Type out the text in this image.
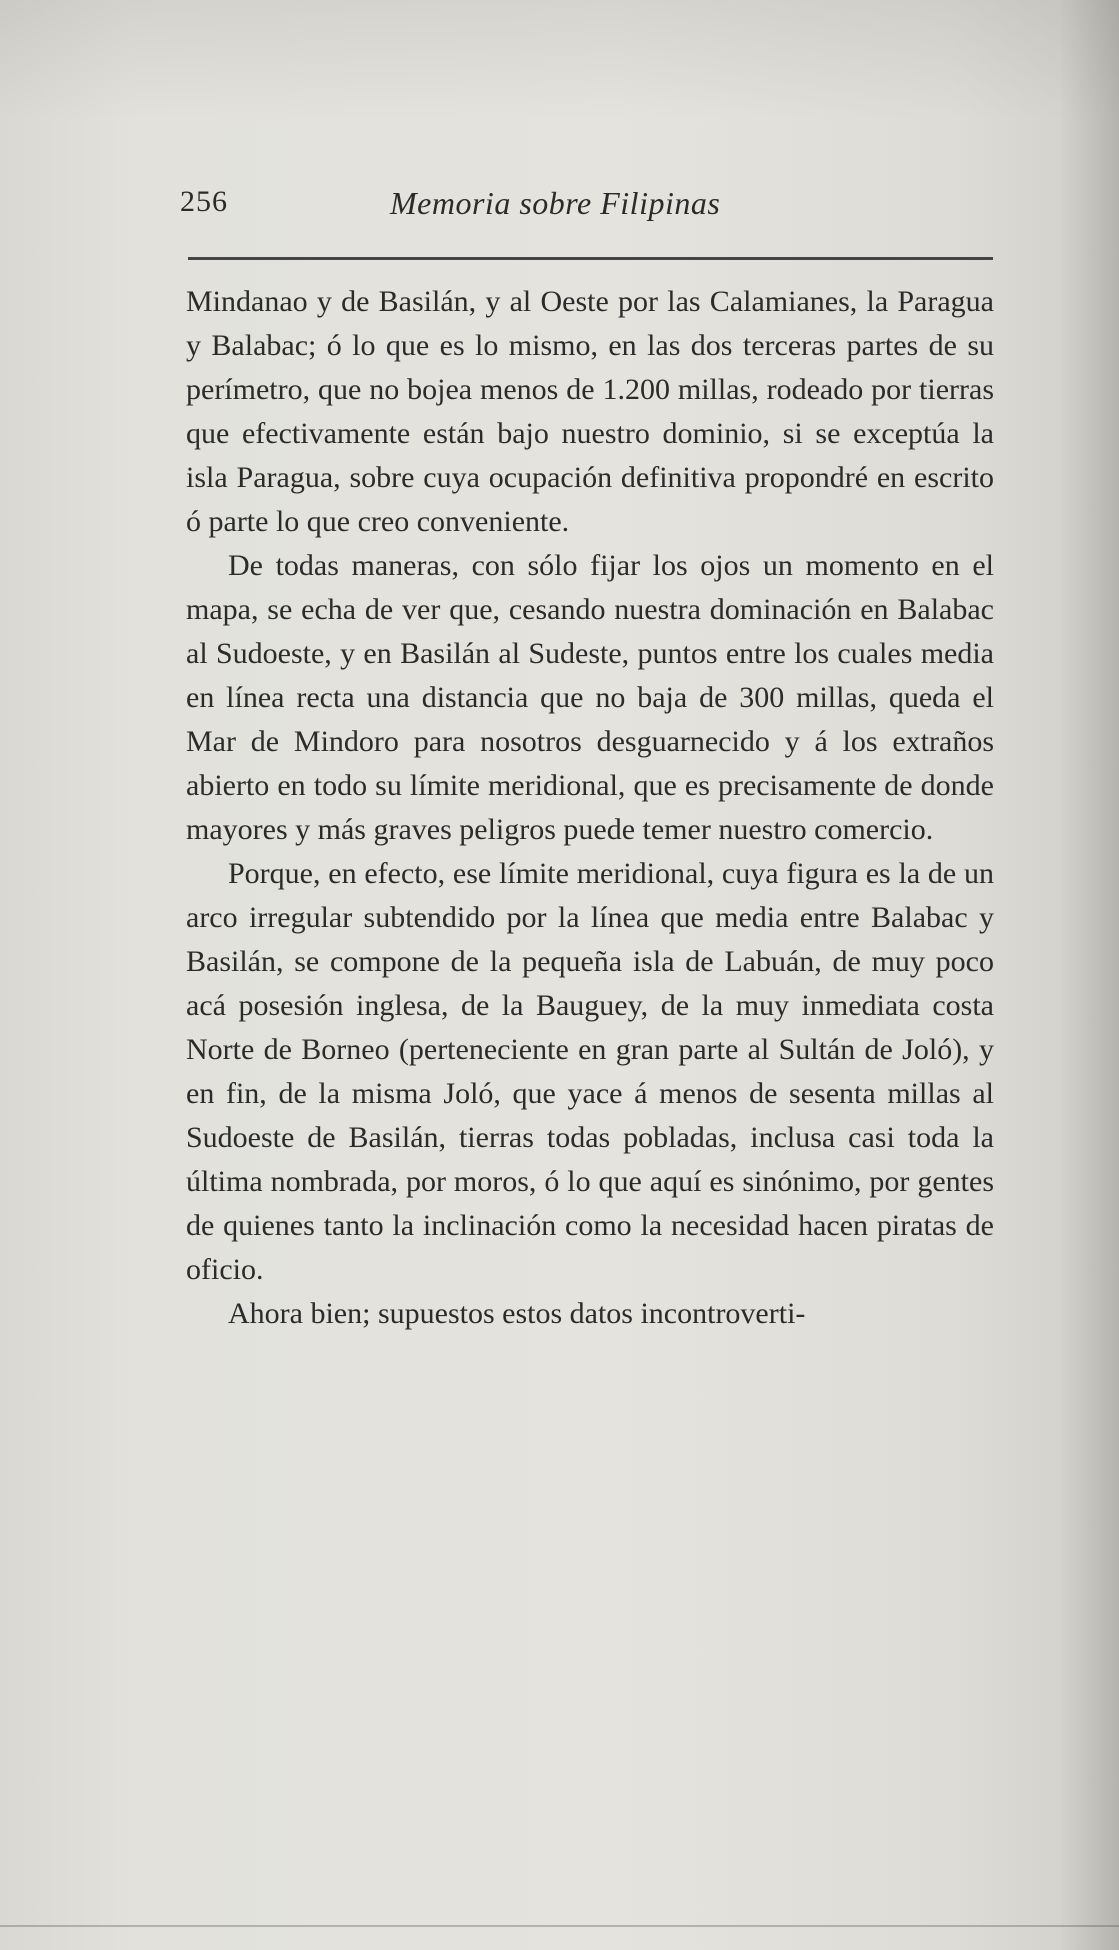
256	Memoria sobre Filipinas

Mindanao y de Basilán, y al Oeste por las Calamianes, la Paragua y Balabac; ó lo que es lo mismo, en las dos terceras partes de su perímetro, que no bojea menos de 1.200 millas, rodeado por tierras que efectivamente están bajo nuestro dominio, si se exceptúa la isla Paragua, sobre cuya ocupación definitiva propondré en escrito ó parte lo que creo conveniente.

De todas maneras, con sólo fijar los ojos un momento en el mapa, se echa de ver que, cesando nuestra dominación en Balabac al Sudoeste, y en Basilán al Sudeste, puntos entre los cuales media en línea recta una distancia que no baja de 300 millas, queda el Mar de Mindoro para nosotros desguarnecido y á los extraños abierto en todo su límite meridional, que es precisamente de donde mayores y más graves peligros puede temer nuestro comercio.

Porque, en efecto, ese límite meridional, cuya figura es la de un arco irregular subtendido por la línea que media entre Balabac y Basilán, se compone de la pequeña isla de Labuán, de muy poco acá posesión inglesa, de la Bauguey, de la muy inmediata costa Norte de Borneo (perteneciente en gran parte al Sultán de Joló), y en fin, de la misma Joló, que yace á menos de sesenta millas al Sudoeste de Basilán, tierras todas pobladas, inclusa casi toda la última nombrada, por moros, ó lo que aquí es sinónimo, por gentes de quienes tanto la inclinación como la necesidad hacen piratas de oficio.

Ahora bien; supuestos estos datos incontroverti-
